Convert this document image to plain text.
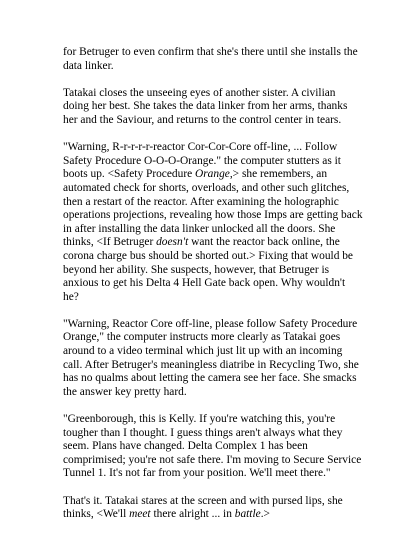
for Betruger to even confirm that she's there until she installs the data linker.

Tatakai closes the unseeing eyes of another sister. A civilian doing her best. She takes the data linker from her arms, thanks her and the Saviour, and returns to the control center in tears.

"Warning, R-r-r-r-r-reactor Cor-Cor-Core off-line, ... Follow Safety Procedure O-O-O-Orange." the computer stutters as it boots up. <Safety Procedure Orange,> she remembers, an automated check for shorts, overloads, and other such glitches, then a restart of the reactor. After examining the holographic operations projections, revealing how those Imps are getting back in after installing the data linker unlocked all the doors. She thinks, <If Betruger doesn't want the reactor back online, the corona charge bus should be shorted out.> Fixing that would be beyond her ability. She suspects, however, that Betruger is anxious to get his Delta 4 Hell Gate back open. Why wouldn't he?

"Warning, Reactor Core off-line, please follow Safety Procedure Orange," the computer instructs more clearly as Tatakai goes around to a video terminal which just lit up with an incoming call. After Betruger's meaningless diatribe in Recycling Two, she has no qualms about letting the camera see her face. She smacks the answer key pretty hard.

"Greenborough, this is Kelly. If you're watching this, you're tougher than I thought. I guess things aren't always what they seem. Plans have changed. Delta Complex 1 has been comprimised; you're not safe there. I'm moving to Secure Service Tunnel 1. It's not far from your position. We'll meet there."

That's it. Tatakai stares at the screen and with pursed lips, she thinks, <We'll meet there alright ... in battle.>
